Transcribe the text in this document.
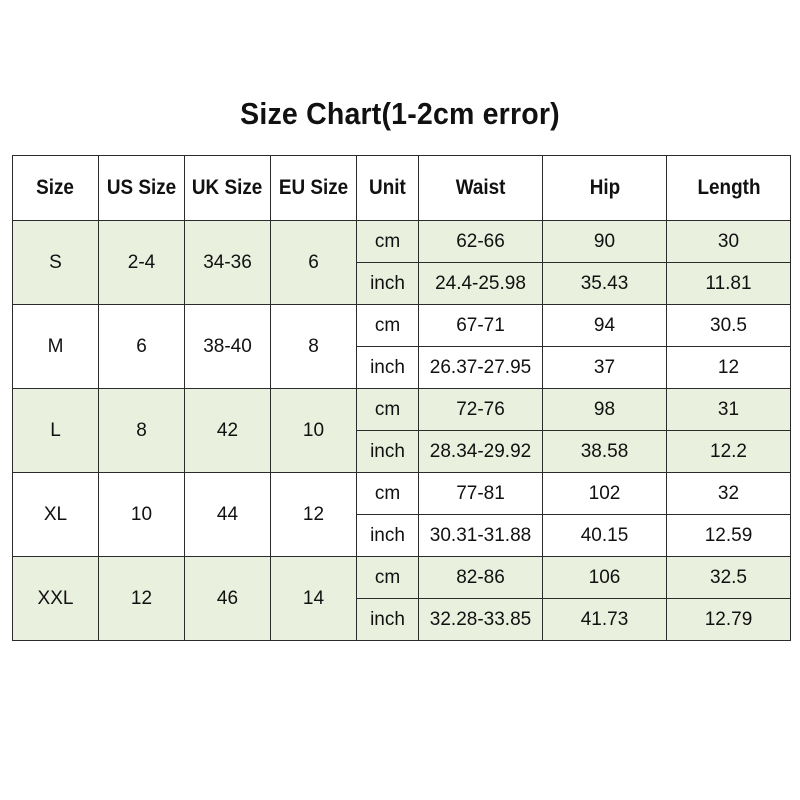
Size Chart(1-2cm error)
Size	US Size	UK Size	EU Size	Unit	Waist	Hip	Length
S	2-4	34-36	6	cm	62-66	90	30
				inch	24.4-25.98	35.43	11.81
M	6	38-40	8	cm	67-71	94	30.5
				inch	26.37-27.95	37	12
L	8	42	10	cm	72-76	98	31
				inch	28.34-29.92	38.58	12.2
XL	10	44	12	cm	77-81	102	32
				inch	30.31-31.88	40.15	12.59
XXL	12	46	14	cm	82-86	106	32.5
				inch	32.28-33.85	41.73	12.79
